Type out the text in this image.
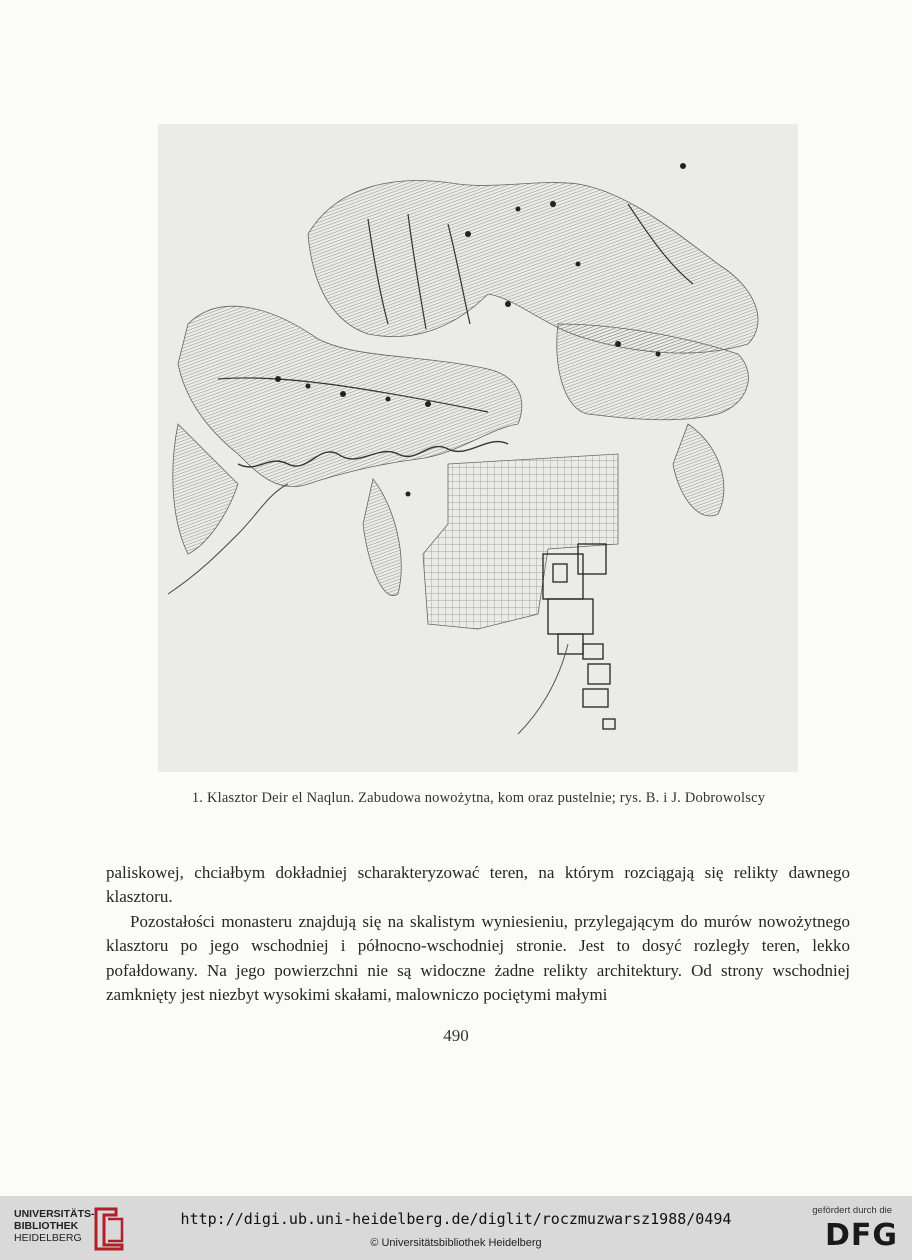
1. Klasztor Deir el Naqlun. Zabudowa nowożytna, kom oraz pustelnie; rys. B. i J. Dobrowolscy

paliskowej, chciałbym dokładniej scharakteryzować teren, na którym rozciągają się relikty dawnego klasztoru.

Pozostałości monasteru znajdują się na skalistym wyniesieniu, przylegającym do murów nowożytnego klasztoru po jego wschodniej i północno-wschodniej stronie. Jest to dosyć rozległy teren, lekko pofałdowany. Na jego powierzchni nie są widoczne żadne relikty architektury. Od strony wschodniej zamknięty jest niezbyt wysokimi skałami, malowniczo pociętymi małymi

490
UNIVERSITÄTS-
BIBLIOTHEK
HEIDELBERG
http://digi.ub.uni-heidelberg.de/diglit/roczmuzwarsz1988/0494
© Universitätsbibliothek Heidelberg
gefördert durch die
DFG
